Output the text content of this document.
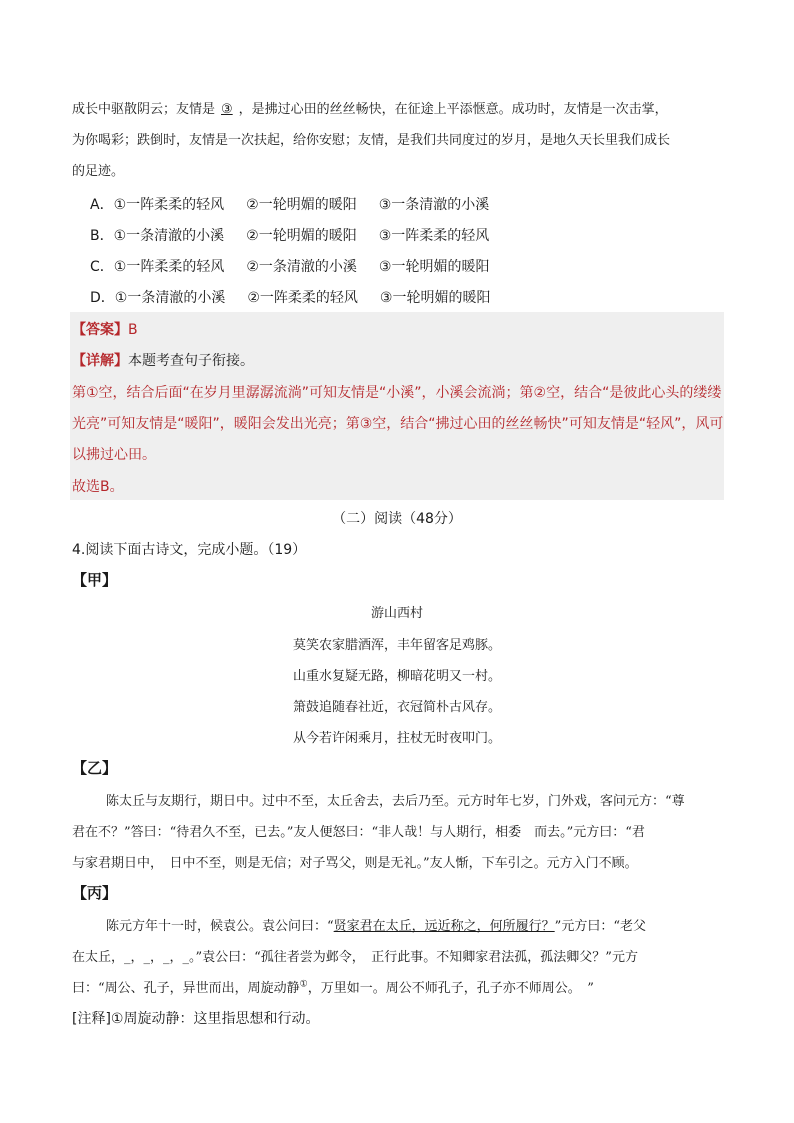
成长中驱散阴云；友情是 ③ ，是拂过心田的丝丝畅快，在征途上平添惬意。成功时，友情是一次击掌，
为你喝彩；跌倒时，友情是一次扶起，给你安慰；友情，是我们共同度过的岁月，是地久天长里我们成长
的足迹。
A．①一阵柔柔的轻风 ②一轮明媚的暖阳 ③一条清澈的小溪
B．①一条清澈的小溪 ②一轮明媚的暖阳 ③一阵柔柔的轻风
C．①一阵柔柔的轻风 ②一条清澈的小溪 ③一轮明媚的暖阳
D．①一条清澈的小溪 ②一阵柔柔的轻风 ③一轮明媚的暖阳
【答案】B
【详解】本题考查句子衔接。
第①空，结合后面“在岁月里潺潺流淌”可知友情是“小溪”，小溪会流淌；第②空，结合“是彼此心头的缕缕
光亮”可知友情是“暖阳”，暖阳会发出光亮；第③空，结合“拂过心田的丝丝畅快”可知友情是“轻风”，风可
以拂过心田。
故选B。
（二）阅读（48分）
4.阅读下面古诗文，完成小题。（19）
【甲】
游山西村
莫笑农家腊酒浑，丰年留客足鸡豚。
山重水复疑无路，柳暗花明又一村。
箫鼓追随春社近，衣冠简朴古风存。
从今若许闲乘月，拄杖无时夜叩门。
【乙】
陈太丘与友期行，期日中。过中不至，太丘舍去，去后乃至。元方时年七岁，门外戏，客问元方：“尊
君在不？”答曰：“待君久不至，已去。”友人便怒曰：“非人哉！与人期行，相委　而去。”元方曰：“君
与家君期日中，　日中不至，则是无信；对子骂父，则是无礼。”友人惭，下车引之。元方入门不顾。
【丙】
陈元方年十一时，候袁公。袁公问曰：“贤家君在太丘，远近称之，何所履行？”元方曰：“老父
在太丘，_，_，_，_。”袁公曰：“孤往者尝为邺令，　正行此事。不知卿家君法孤，孤法卿父？”元方
曰：“周公、孔子，异世而出，周旋动静①，万里如一。周公不师孔子，孔子亦不师周公。　”
[注释]①周旋动静：这里指思想和行动。
